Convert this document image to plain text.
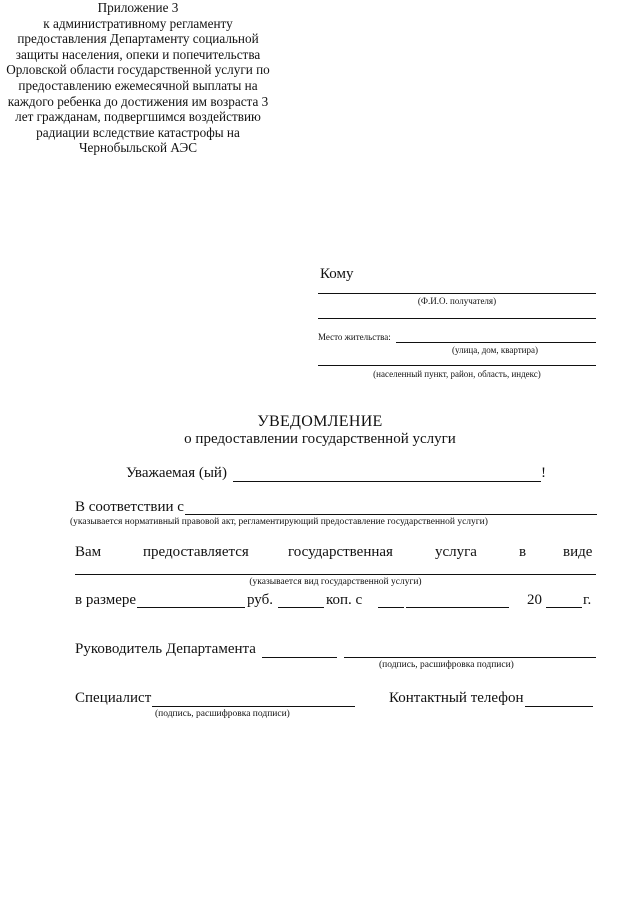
Приложение 3
к административному регламенту
предоставления Департаменту социальной
защиты населения, опеки и попечительства
Орловской области государственной услуги по
предоставлению ежемесячной выплаты на
каждого ребенка до достижения им возраста 3
лет гражданам, подвергшимся воздействию
радиации вследствие катастрофы на
Чернобыльской АЭС
Кому
(Ф.И.О. получателя)
Место жительства:
(улица, дом, квартира)
(населенный пункт, район, область, индекс)
УВЕДОМЛЕНИЕ
о предоставлении государственной услуги
Уважаемая (ый)	!
В соответствии с
(указывается нормативный правовой акт, регламентирующий предоставление государственной услуги)
Вам	предоставляется	государственная	услуга	в виде
(указывается вид государственной услуги)
в размере	руб.	коп. с	20	г.
Руководитель Департамента
(подпись, расшифровка подписи)
Специалист
(подпись, расшифровка подписи)
Контактный телефон
